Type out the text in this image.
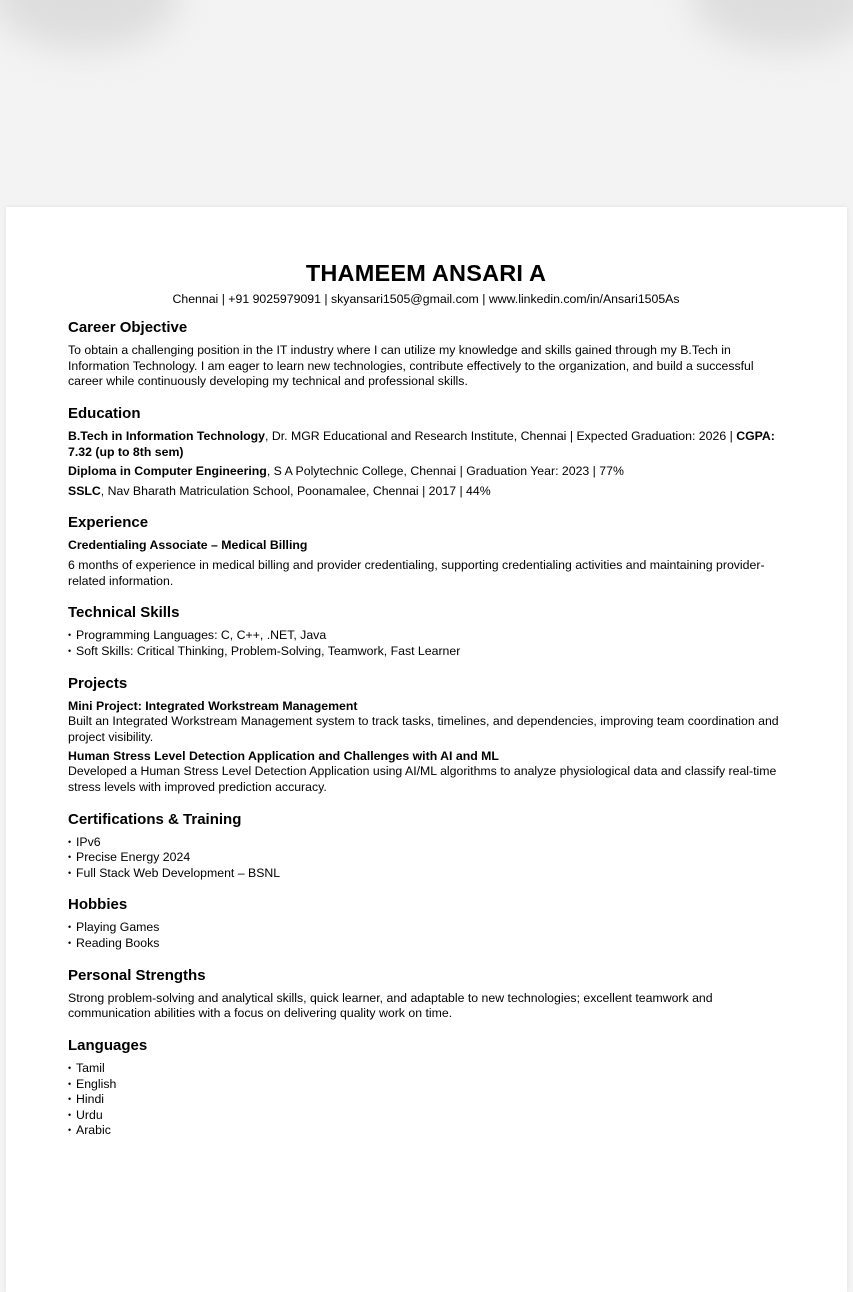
THAMEEM ANSARI A
Chennai | +91 9025979091 | skyansari1505@gmail.com | www.linkedin.com/in/Ansari1505As
Career Objective

To obtain a challenging position in the IT industry where I can utilize my knowledge and skills gained through my B.Tech in Information Technology. I am eager to learn new technologies, contribute effectively to the organization, and build a successful career while continuously developing my technical and professional skills.

Education

B.Tech in Information Technology, Dr. MGR Educational and Research Institute, Chennai | Expected Graduation: 2026 | CGPA: 7.32 (up to 8th sem)

Diploma in Computer Engineering, S A Polytechnic College, Chennai | Graduation Year: 2023 | 77%

SSLC, Nav Bharath Matriculation School, Poonamalee, Chennai | 2017 | 44%

Experience

Credentialing Associate – Medical Billing

6 months of experience in medical billing and provider credentialing, supporting credentialing activities and maintaining provider-related information.

Technical Skills
• Programming Languages: C, C++, .NET, Java
• Soft Skills: Critical Thinking, Problem-Solving, Teamwork, Fast Learner
Projects

Mini Project: Integrated Workstream Management

Built an Integrated Workstream Management system to track tasks, timelines, and dependencies, improving team coordination and project visibility.

Human Stress Level Detection Application and Challenges with AI and ML

Developed a Human Stress Level Detection Application using AI/ML algorithms to analyze physiological data and classify real-time stress levels with improved prediction accuracy.

Certifications & Training
• IPv6
• Precise Energy 2024
• Full Stack Web Development – BSNL
Hobbies
• Playing Games
• Reading Books
Personal Strengths

Strong problem-solving and analytical skills, quick learner, and adaptable to new technologies; excellent teamwork and communication abilities with a focus on delivering quality work on time.

Languages
• Tamil
• English
• Hindi
• Urdu
• Arabic
